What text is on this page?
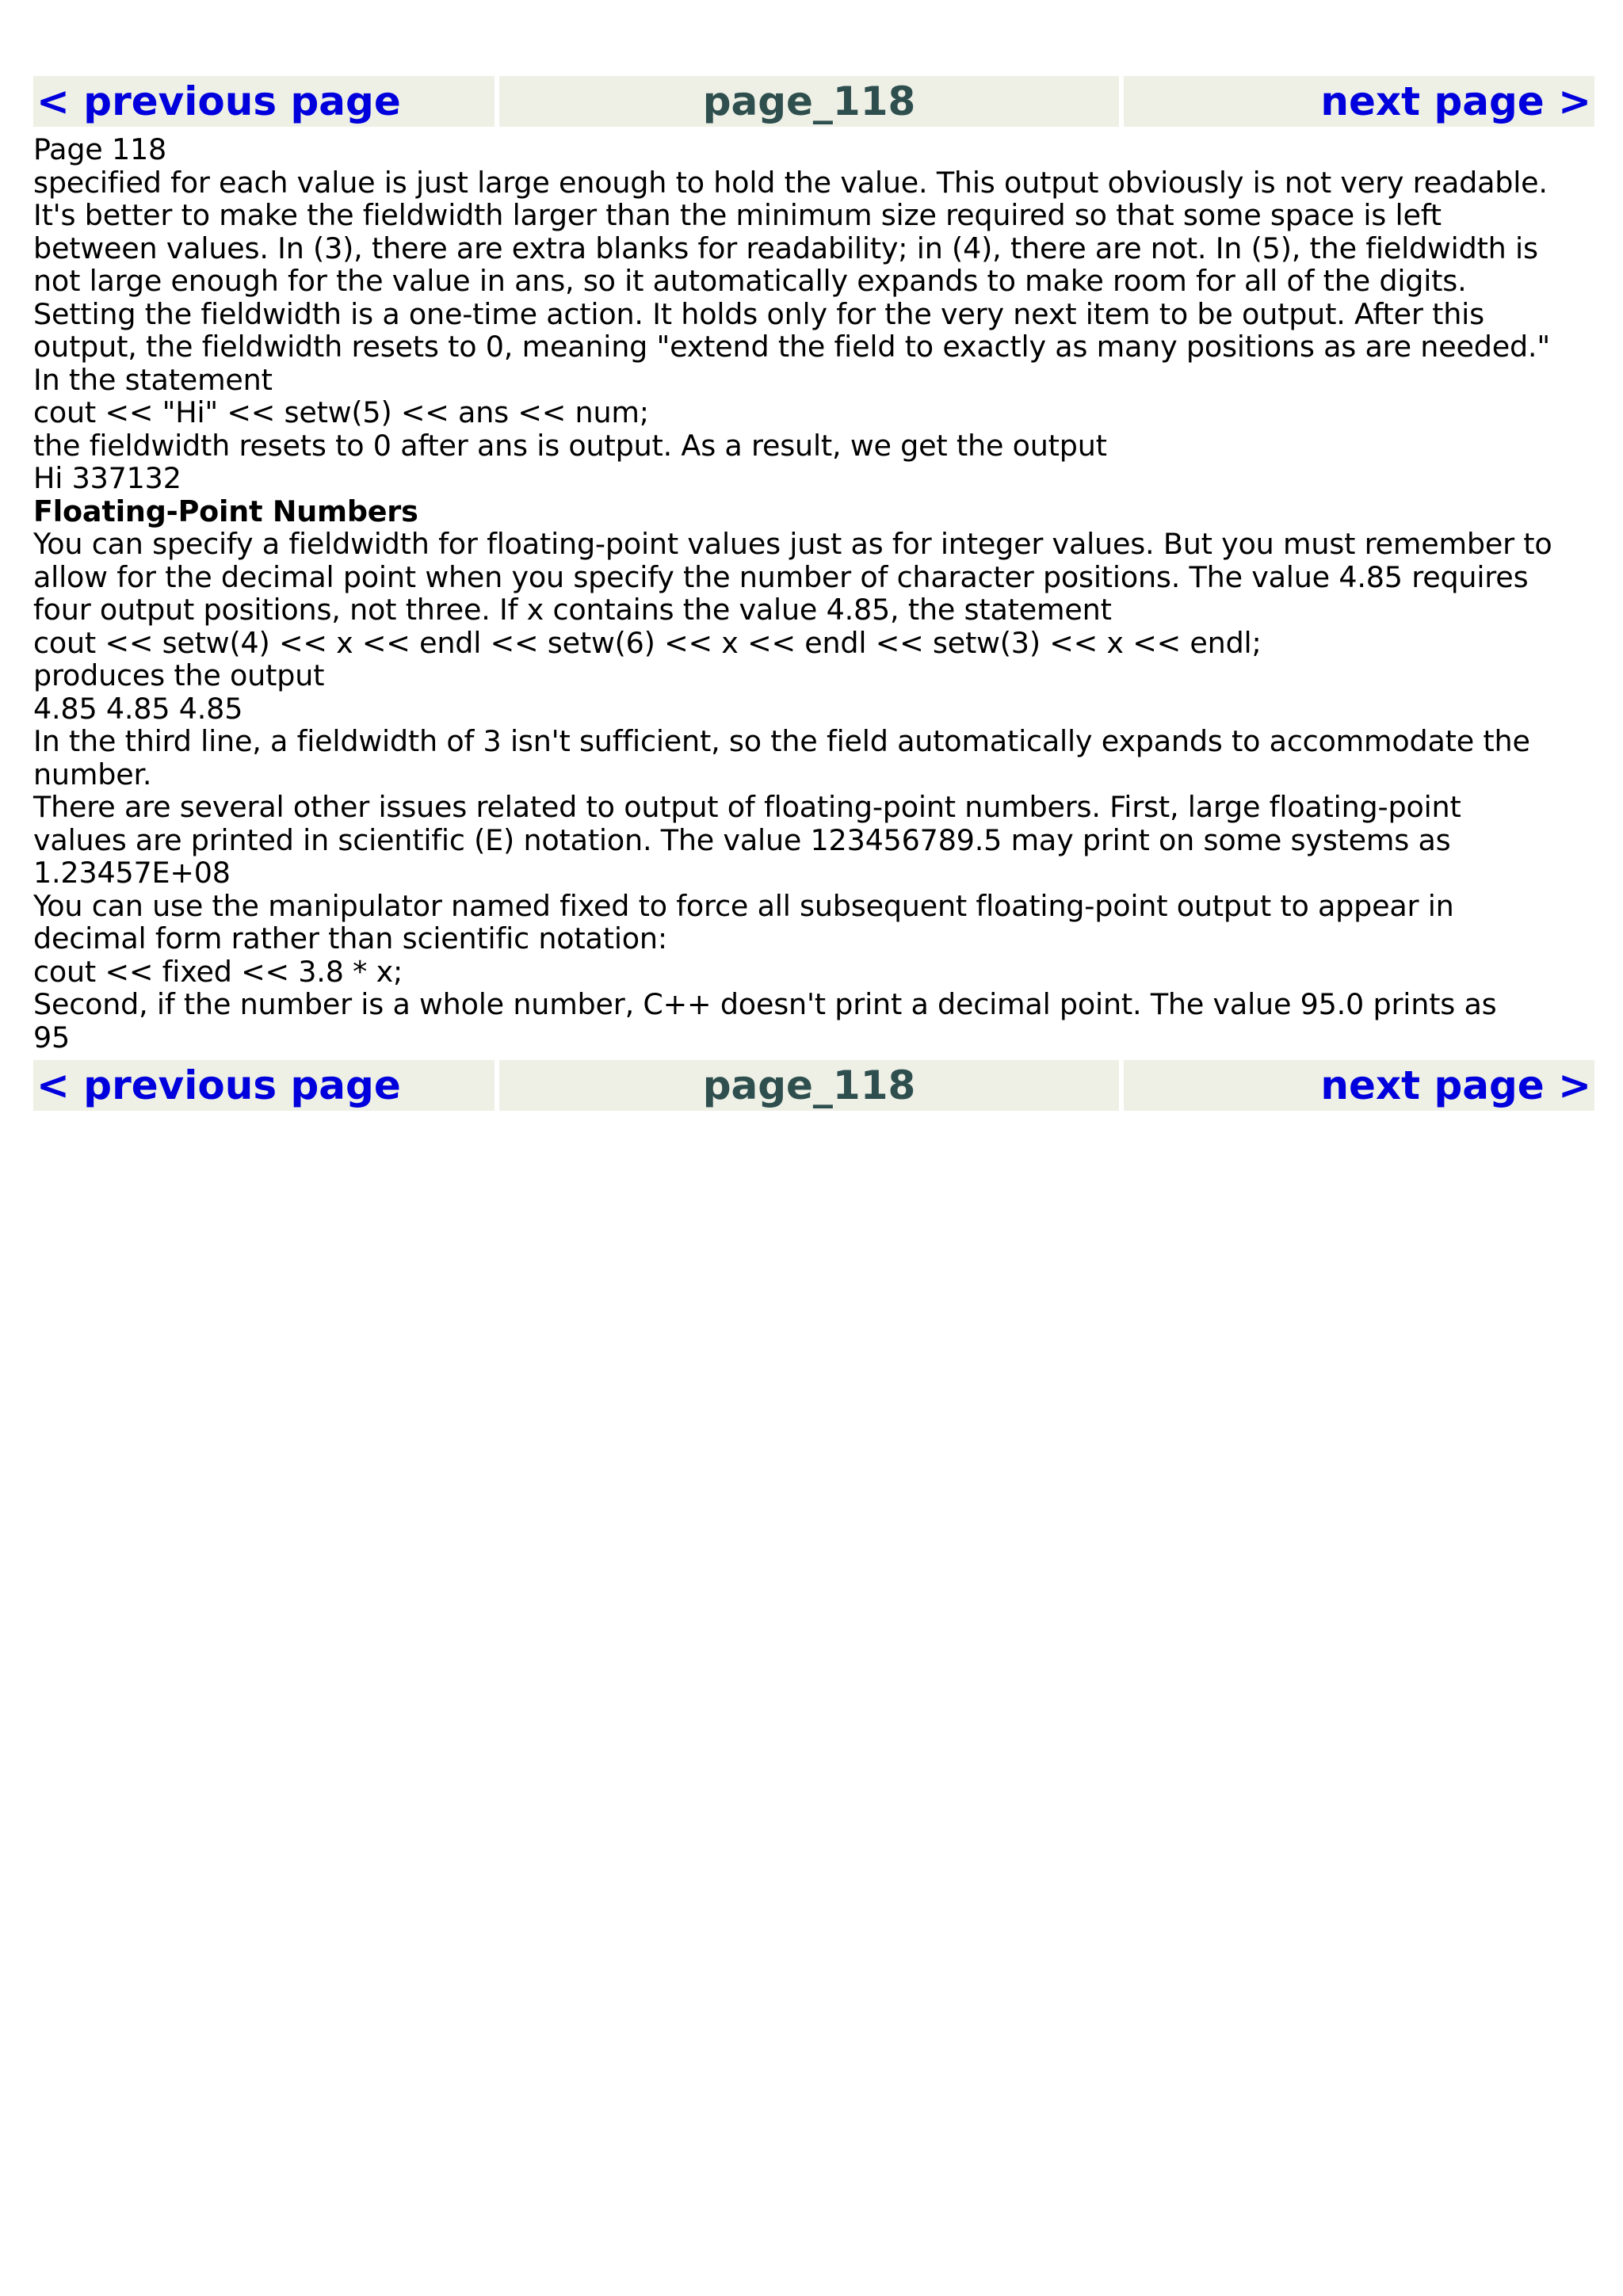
< previous page	page_118	next page >

Page 118

specified for each value is just large enough to hold the value. This output obviously is not very readable.

It's better to make the fieldwidth larger than the minimum size required so that some space is left

between values. In (3), there are extra blanks for readability; in (4), there are not. In (5), the fieldwidth is

not large enough for the value in ans, so it automatically expands to make room for all of the digits.

Setting the fieldwidth is a one-time action. It holds only for the very next item to be output. After this

output, the fieldwidth resets to 0, meaning "extend the field to exactly as many positions as are needed."

In the statement

cout << "Hi" << setw(5) << ans << num;

the fieldwidth resets to 0 after ans is output. As a result, we get the output

Hi 337132

Floating-Point Numbers

You can specify a fieldwidth for floating-point values just as for integer values. But you must remember to

allow for the decimal point when you specify the number of character positions. The value 4.85 requires

four output positions, not three. If x contains the value 4.85, the statement

cout << setw(4) << x << endl << setw(6) << x << endl << setw(3) << x << endl;

produces the output

4.85 4.85 4.85

In the third line, a fieldwidth of 3 isn't sufficient, so the field automatically expands to accommodate the

number.

There are several other issues related to output of floating-point numbers. First, large floating-point

values are printed in scientific (E) notation. The value 123456789.5 may print on some systems as

1.23457E+08

You can use the manipulator named fixed to force all subsequent floating-point output to appear in

decimal form rather than scientific notation:

cout << fixed << 3.8 * x;

Second, if the number is a whole number, C++ doesn't print a decimal point. The value 95.0 prints as

95

< previous page	page_118	next page >
